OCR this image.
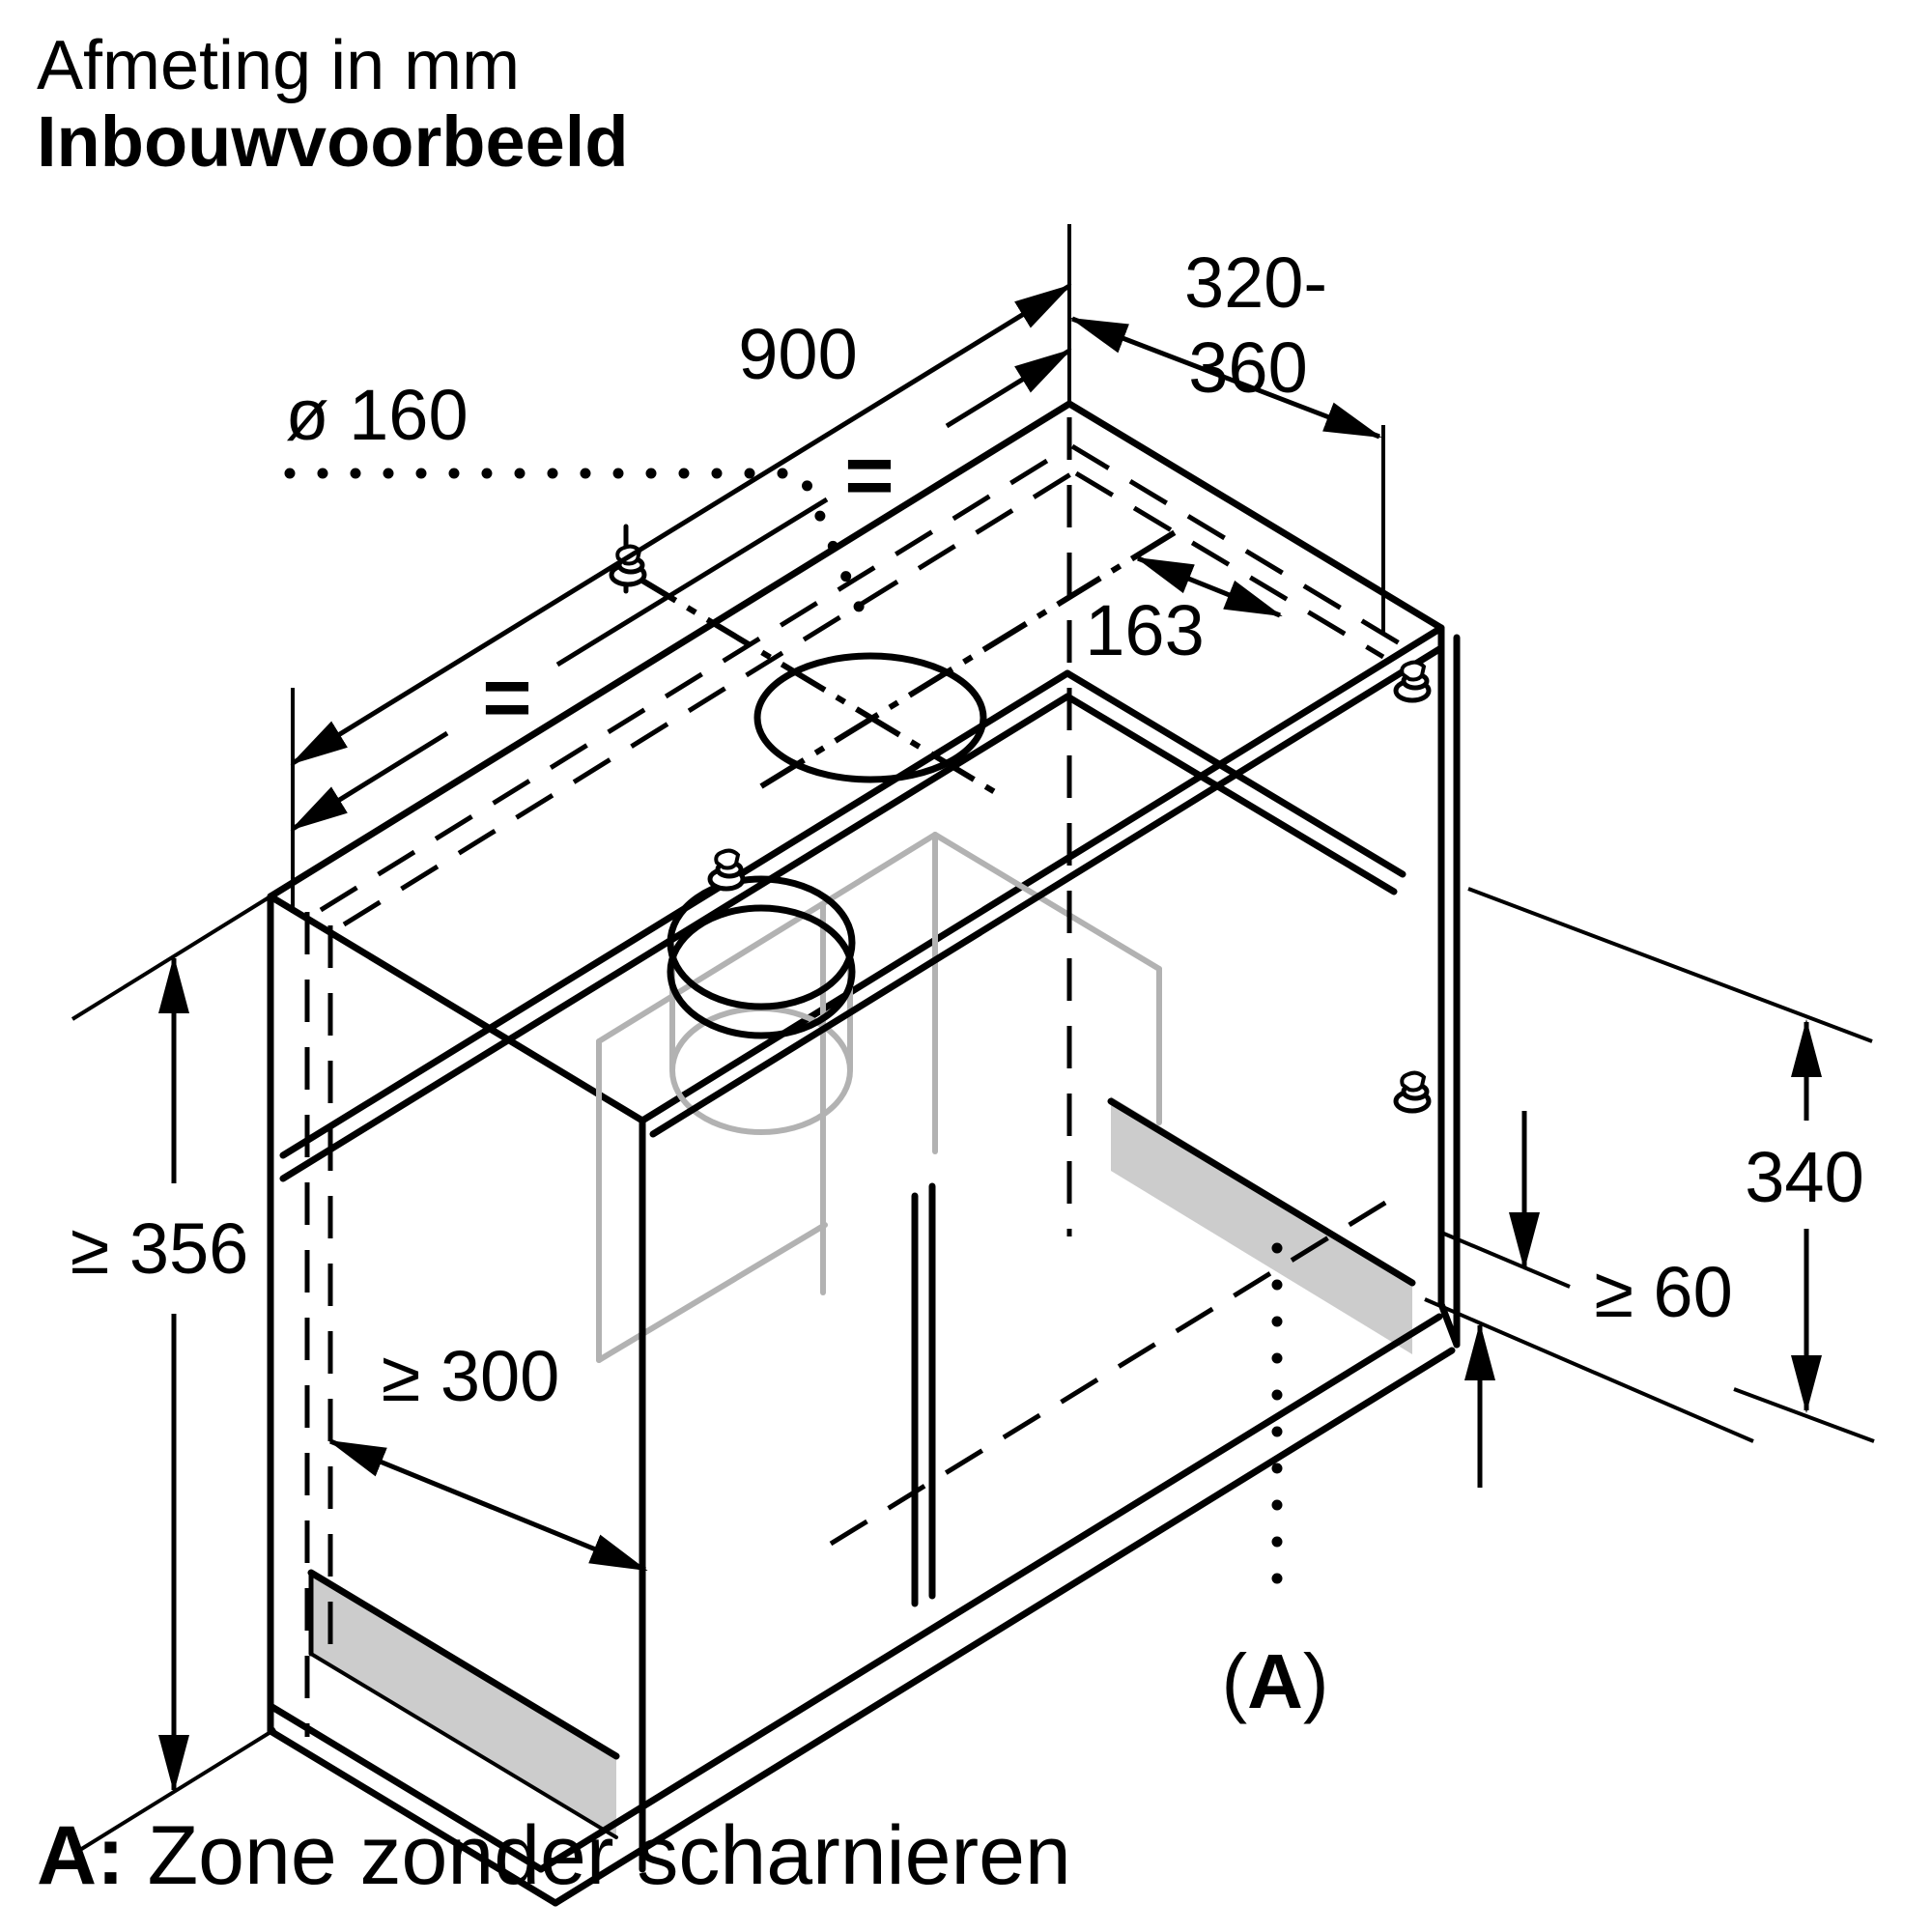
Afmeting in mm
Inbouwvoorbeeld
ø 160
900
320-
360
163
≥ 356
≥ 300
340
≥ 60
=
=
(A)
A: Zone zonder scharnieren
